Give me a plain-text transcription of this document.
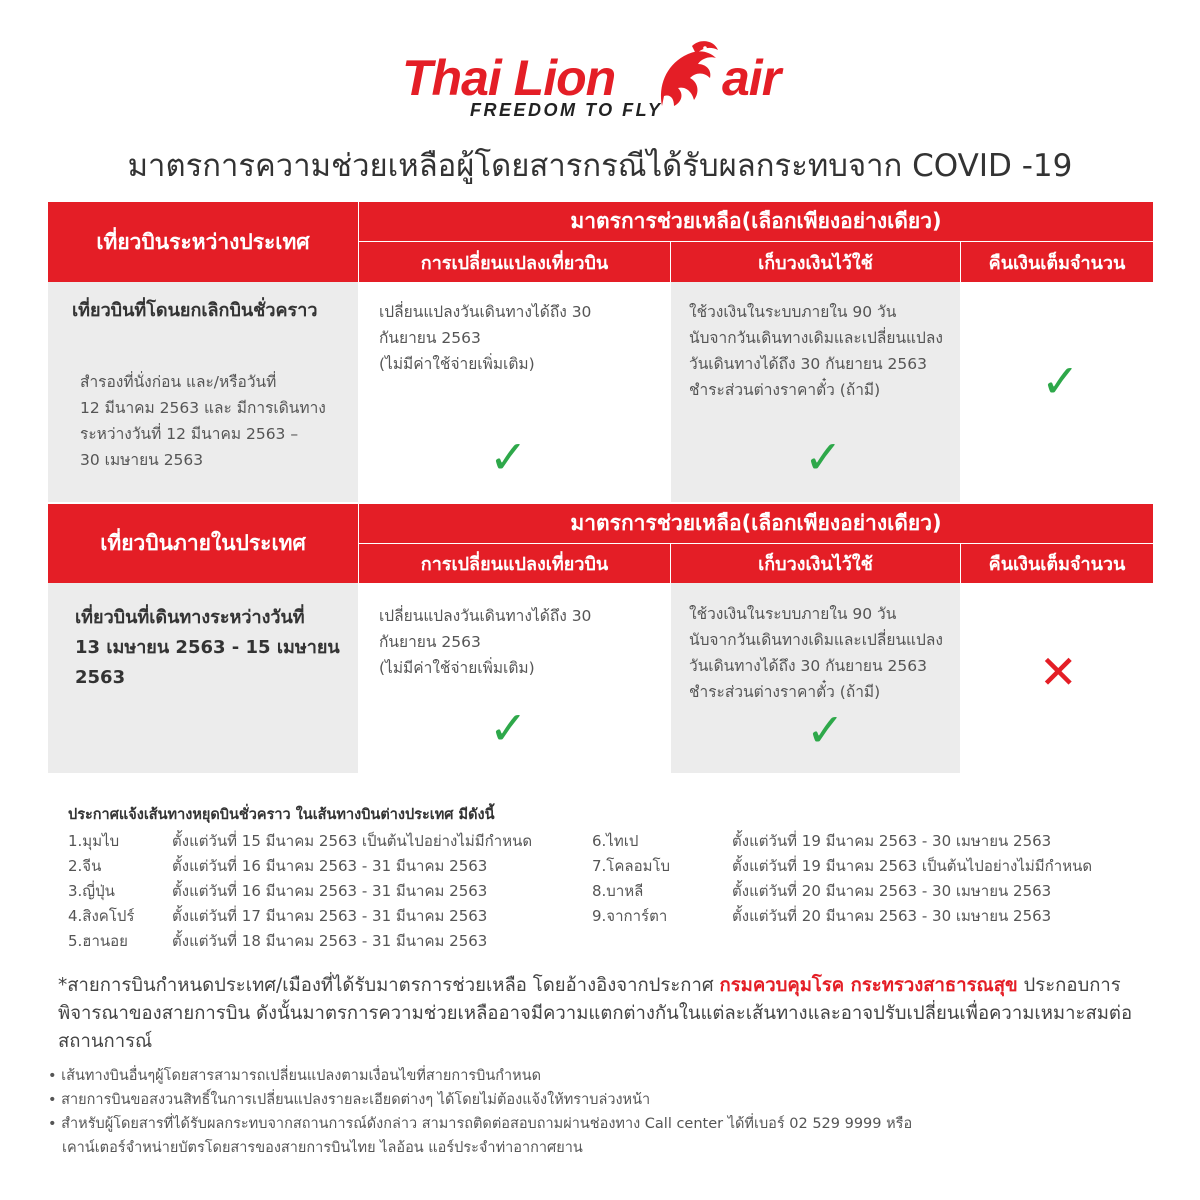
Thai Lion air
FREEDOM TO FLY
มาตรการความช่วยเหลือผู้โดยสารกรณีได้รับผลกระทบจาก COVID -19
เที่ยวบินระหว่างประเทศ
มาตรการช่วยเหลือ(เลือกเพียงอย่างเดียว)
การเปลี่ยนแปลงเที่ยวบิน	เก็บวงเงินไว้ใช้	คืนเงินเต็มจำนวน
เที่ยวบินที่โดนยกเลิกบินชั่วคราว
สำรองที่นั่งก่อน และ/หรือวันที่
12 มีนาคม 2563 และ มีการเดินทาง
ระหว่างวันที่ 12 มีนาคม 2563 –
30 เมษายน 2563
เปลี่ยนแปลงวันเดินทางได้ถึง 30
กันยายน 2563
(ไม่มีค่าใช้จ่ายเพิ่มเติม)
✓
ใช้วงเงินในระบบภายใน 90 วัน
นับจากวันเดินทางเดิมและเปลี่ยนแปลง
วันเดินทางได้ถึง 30 กันยายน 2563
ชำระส่วนต่างราคาตั๋ว (ถ้ามี)
✓
✓
เที่ยวบินภายในประเทศ
มาตรการช่วยเหลือ(เลือกเพียงอย่างเดียว)
การเปลี่ยนแปลงเที่ยวบิน	เก็บวงเงินไว้ใช้	คืนเงินเต็มจำนวน
เที่ยวบินที่เดินทางระหว่างวันที่
13 เมษายน 2563 - 15 เมษายน
2563
เปลี่ยนแปลงวันเดินทางได้ถึง 30
กันยายน 2563
(ไม่มีค่าใช้จ่ายเพิ่มเติม)
✓
ใช้วงเงินในระบบภายใน 90 วัน
นับจากวันเดินทางเดิมและเปลี่ยนแปลง
วันเดินทางได้ถึง 30 กันยายน 2563
ชำระส่วนต่างราคาตั๋ว (ถ้ามี)
✓
✕
ประกาศแจ้งเส้นทางหยุดบินชั่วคราว ในเส้นทางบินต่างประเทศ มีดังนี้
1.มุมไบ	ตั้งแต่วันที่ 15 มีนาคม 2563 เป็นต้นไปอย่างไม่มีกำหนด
2.จีน	ตั้งแต่วันที่ 16 มีนาคม 2563 - 31 มีนาคม 2563
3.ญี่ปุ่น	ตั้งแต่วันที่ 16 มีนาคม 2563 - 31 มีนาคม 2563
4.สิงคโปร์	ตั้งแต่วันที่ 17 มีนาคม 2563 - 31 มีนาคม 2563
5.ฮานอย	ตั้งแต่วันที่ 18 มีนาคม 2563 - 31 มีนาคม 2563
6.ไทเป	ตั้งแต่วันที่ 19 มีนาคม 2563 - 30 เมษายน 2563
7.โคลอมโบ	ตั้งแต่วันที่ 19 มีนาคม 2563 เป็นต้นไปอย่างไม่มีกำหนด
8.บาหลี	ตั้งแต่วันที่ 20 มีนาคม 2563 - 30 เมษายน 2563
9.จาการ์ตา	ตั้งแต่วันที่ 20 มีนาคม 2563 - 30 เมษายน 2563
*สายการบินกำหนดประเทศ/เมืองที่ได้รับมาตรการช่วยเหลือ โดยอ้างอิงจากประกาศ กรมควบคุมโรค กระทรวงสาธารณสุข ประกอบการพิจารณาของสายการบิน ดังนั้นมาตรการความช่วยเหลืออาจมีความแตกต่างกันในแต่ละเส้นทางและอาจปรับเปลี่ยนเพื่อความเหมาะสมต่อสถานการณ์
• เส้นทางบินอื่นๆผู้โดยสารสามารถเปลี่ยนแปลงตามเงื่อนไขที่สายการบินกำหนด
• สายการบินขอสงวนสิทธิ์ในการเปลี่ยนแปลงรายละเอียดต่างๆ ได้โดยไม่ต้องแจ้งให้ทราบล่วงหน้า
• สำหรับผู้โดยสารที่ได้รับผลกระทบจากสถานการณ์ดังกล่าว สามารถติดต่อสอบถามผ่านช่องทาง Call center ได้ที่เบอร์ 02 529 9999 หรือ
เคาน์เตอร์จำหน่ายบัตรโดยสารของสายการบินไทย ไลอ้อน แอร์ประจำท่าอากาศยาน
